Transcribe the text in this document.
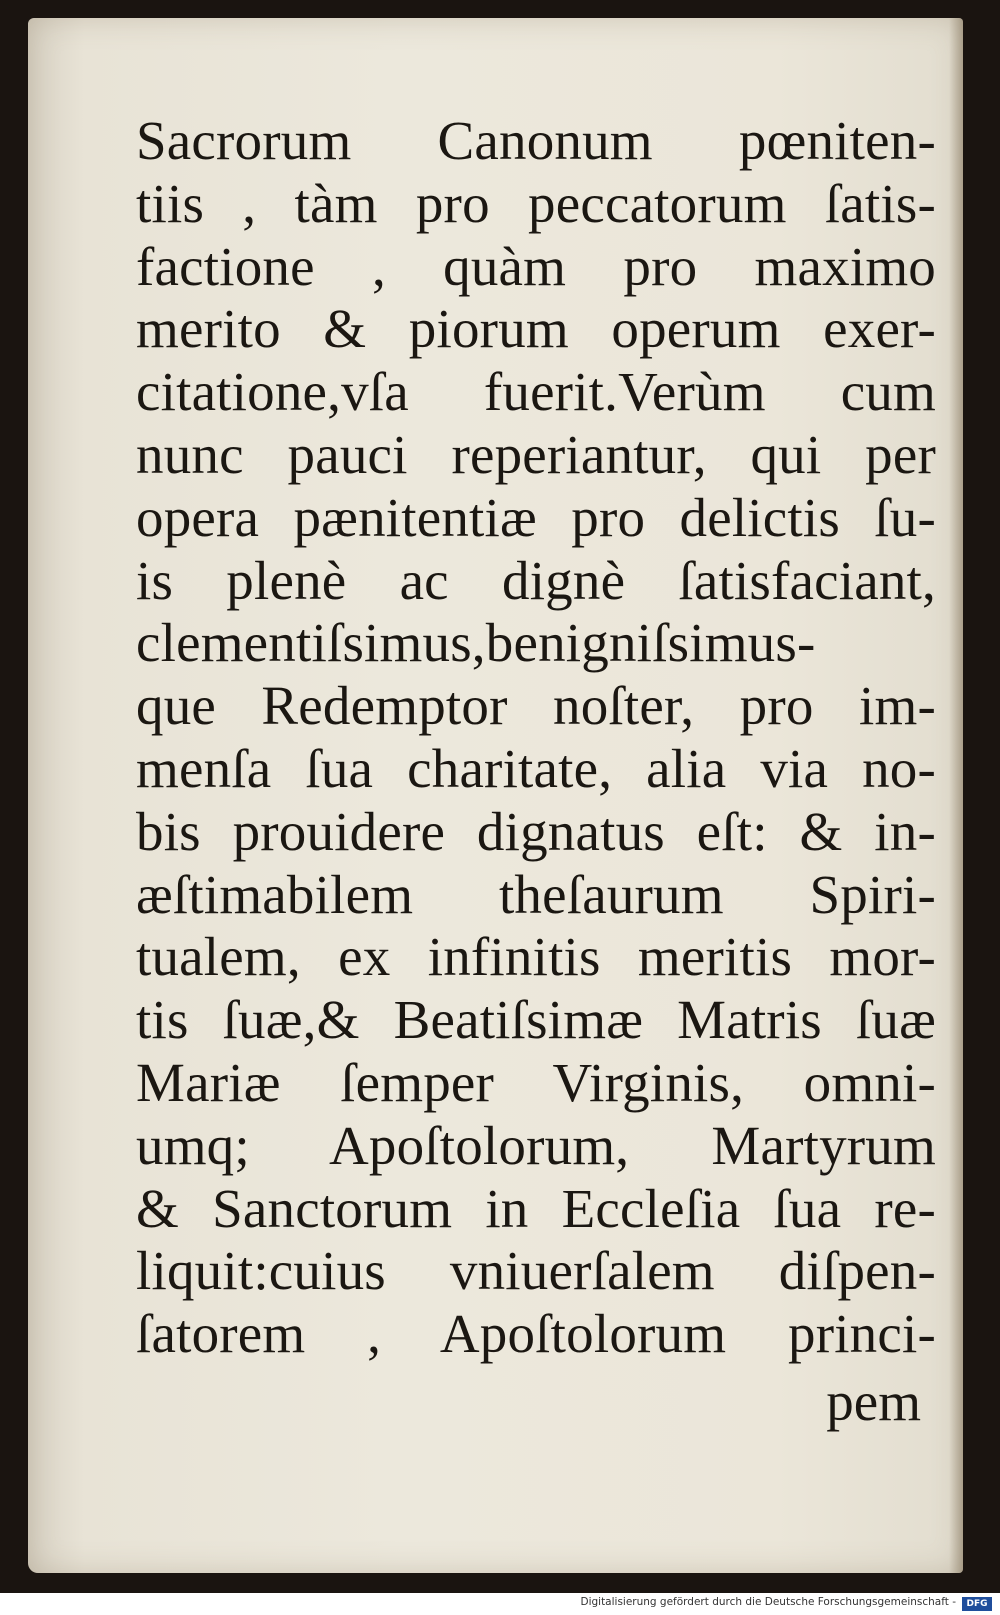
Sacrorum Canonum pœniten-
tiis , tàm pro peccatorum ſatis-
factione , quàm pro maximo
merito & piorum operum exer-
citatione,vſa fuerit.Verùm cum
nunc pauci reperiantur, qui per
opera pænitentiæ pro delictis ſu-
is plenè ac dignè ſatisfaciant,
clementiſsimus,benigniſsimus-
que Redemptor noſter, pro im-
menſa ſua charitate, alia via no-
bis prouidere dignatus eſt: & in-
æſtimabilem theſaurum Spiri-
tualem, ex infinitis meritis mor-
tis ſuæ,& Beatiſsimæ Matris ſuæ
Mariæ ſemper Virginis, omni-
umq; Apoſtolorum, Martyrum
& Sanctorum in Eccleſia ſua re-
liquit:cuius vniuerſalem diſpen-
ſatorem , Apoſtolorum princi-
pem
Digitalisierung gefördert durch die Deutsche Forschungsgemeinschaft -	DFG
